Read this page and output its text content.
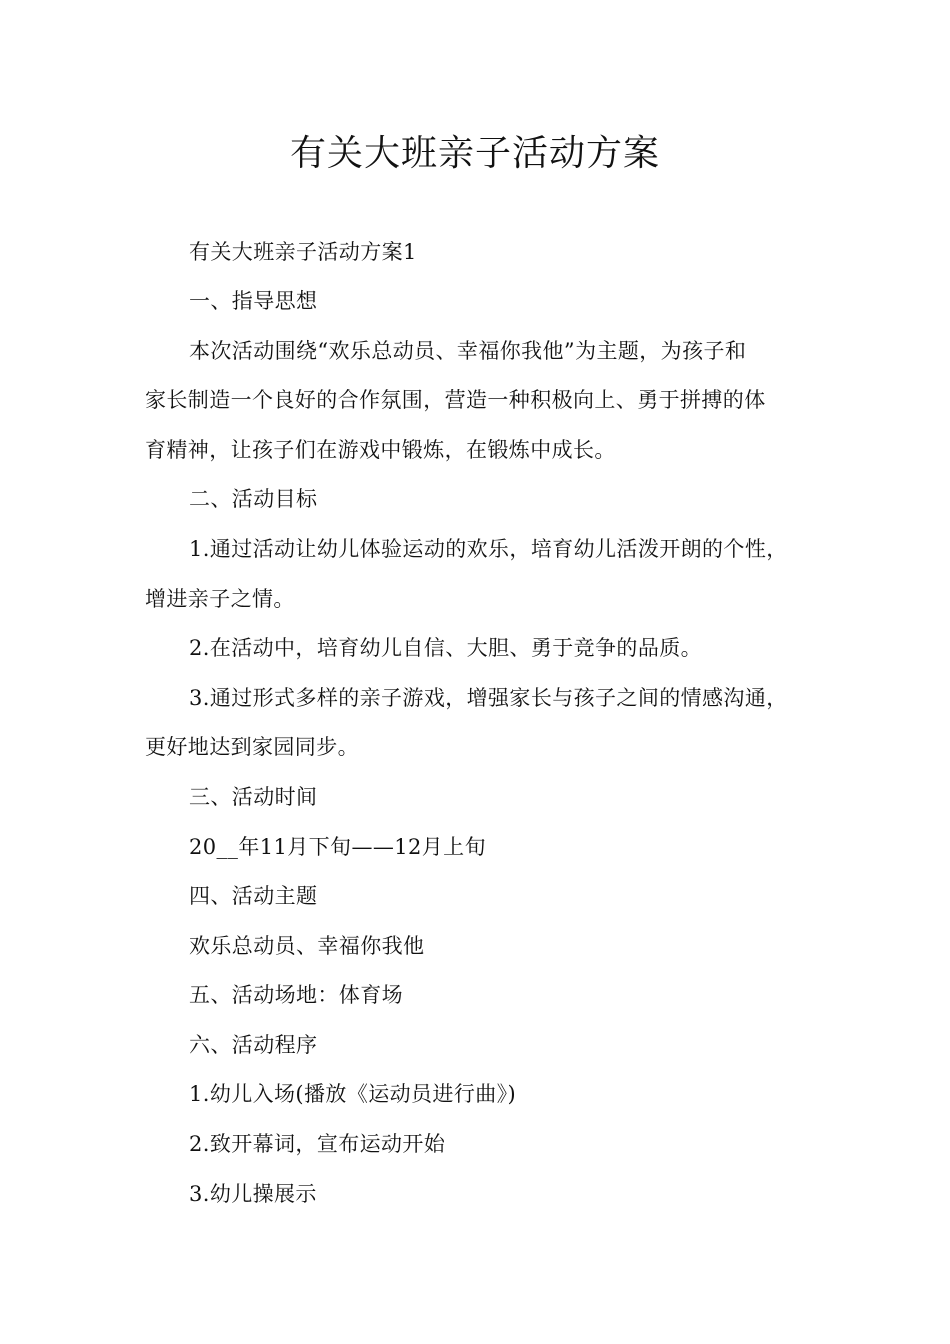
有关大班亲子活动方案
有关大班亲子活动方案1
一、指导思想
本次活动围绕“欢乐总动员、幸福你我他”为主题，为孩子和
家长制造一个良好的合作氛围，营造一种积极向上、勇于拼搏的体
育精神，让孩子们在游戏中锻炼，在锻炼中成长。
二、活动目标
1.通过活动让幼儿体验运动的欢乐，培育幼儿活泼开朗的个性，
增进亲子之情。
2.在活动中，培育幼儿自信、大胆、勇于竞争的品质。
3.通过形式多样的亲子游戏，增强家长与孩子之间的情感沟通，
更好地达到家园同步。
三、活动时间
20__年11月下旬——12月上旬
四、活动主题
欢乐总动员、幸福你我他
五、活动场地：体育场
六、活动程序
1.幼儿入场(播放《运动员进行曲》)
2.致开幕词，宣布运动开始
3.幼儿操展示
